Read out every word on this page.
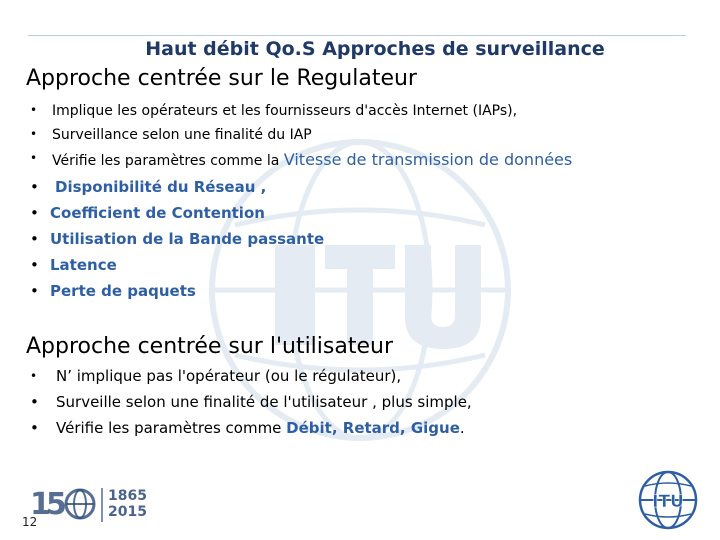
Haut débit Qo.S Approches de surveillance
Approche centrée sur le Regulateur
• Implique les opérateurs et les fournisseurs d'accès Internet (IAPs),
• Surveillance selon une finalité du IAP
• Vérifie les paramètres comme la Vitesse de transmission de données
• Disponibilité du Réseau ,
• Coefficient de Contention
• Utilisation de la Bande passante
• Latence
• Perte de paquets
Approche centrée sur l'utilisateur
• N’ implique pas l'opérateur (ou le régulateur),
• Surveille selon une finalité de l'utilisateur , plus simple,
• Vérifie les paramètres comme Débit, Retard, Gigue.
1
5	1865
2015
12
ITU
